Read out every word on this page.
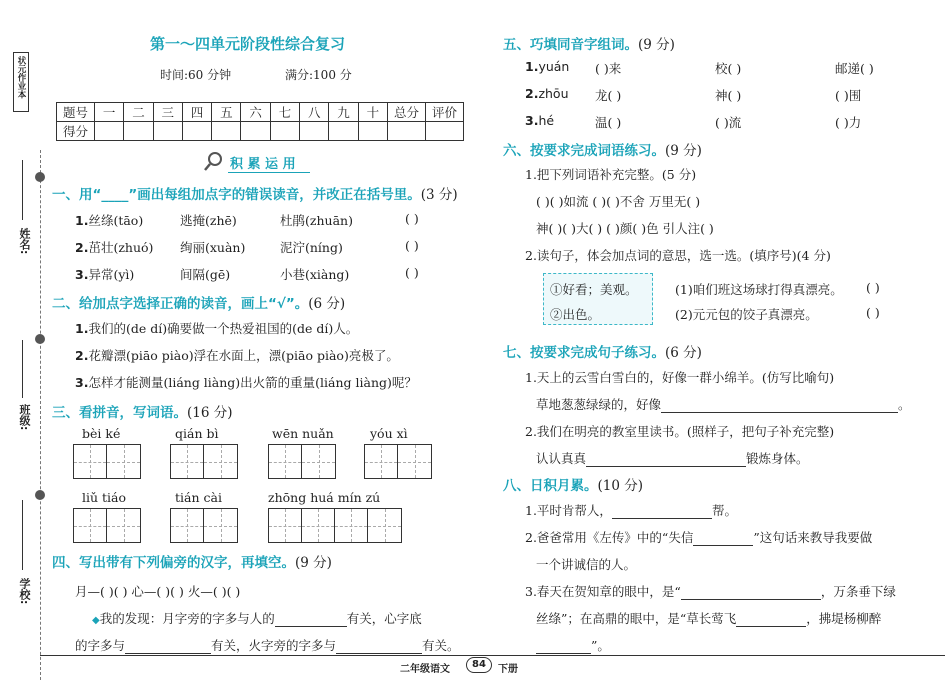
状元作业本
姓名:
班级:
学校:
第一～四单元阶段性综合复习
时间:60 分钟	满分:100 分
题号	一	二	三	四	五	六	七	八	九	十	总分	评价
得分												
积 累 运 用
一、用“____”画出每组加点字的错误读音，并改正在括号里。(3 分)
1.丝绦(tāo)	逃掩(zhē)	杜鹃(zhuān)	( )
2.茁壮(zhuó) 绚丽(xuàn)	泥泞(níng)	( )
3.异常(yì)	间隔(gē)	小巷(xiàng)	( )
二、给加点字选择正确的读音，画上“√”。(6 分)
1.我们的(de dí)确要做一个热爱祖国的(de dí)人。
2.花瓣漂(piāo piào)浮在水面上，漂(piāo piào)亮极了。
3.怎样才能测量(liáng liàng)出火箭的重量(liáng liàng)呢？
三、看拼音，写词语。(16 分)
bèi ké	qián bì	wēn nuǎn	yóu xì
liǔ tiáo	tián cài	zhōng huá mín zú
四、写出带有下列偏旁的汉字，再填空。(9 分)
月—( )( ) 心—( )( ) 火—( )( )
◆我的发现：月字旁的字多与人的	有关，心字底
的字多与	有关，火字旁的字多与	有关。
五、巧填同音字组词。(9 分)
1.yuán ( )来	校( )	邮递( )
2.zhōu 龙( )	神( )	( )围
3.hé	温( )	( )流	( )力
六、按要求完成词语练习。(9 分)
1.把下列词语补充完整。(5 分)
( )( )如流 ( )( )不舍 万里无( )
神( )( )大( ) ( )颜( )色 引人注( )
2.读句子，体会加点词的意思，选一选。(填序号)(4 分)
①好看；美观。
②出色。
(1)咱们班这场球打得真漂亮。 ( )
(2)元元包的饺子真漂亮。	( )
七、按要求完成句子练习。(6 分)
1.天上的云雪白雪白的，好像一群小绵羊。(仿写比喻句)
草地葱葱绿绿的，好像	。
2.我们在明亮的教室里读书。(照样子，把句子补充完整)
认认真真	锻炼身体。
八、日积月累。(10 分)
1.平时肯帮人，	帮。
2.爸爸常用《左传》中的“失信	”这句话来教导我要做
一个讲诚信的人。
3.春天在贺知章的眼中，是“	，万条垂下绿
丝绦”；在高鼎的眼中，是“草长莺飞	，拂堤杨柳醉
”。
二年级语文	84	下册
